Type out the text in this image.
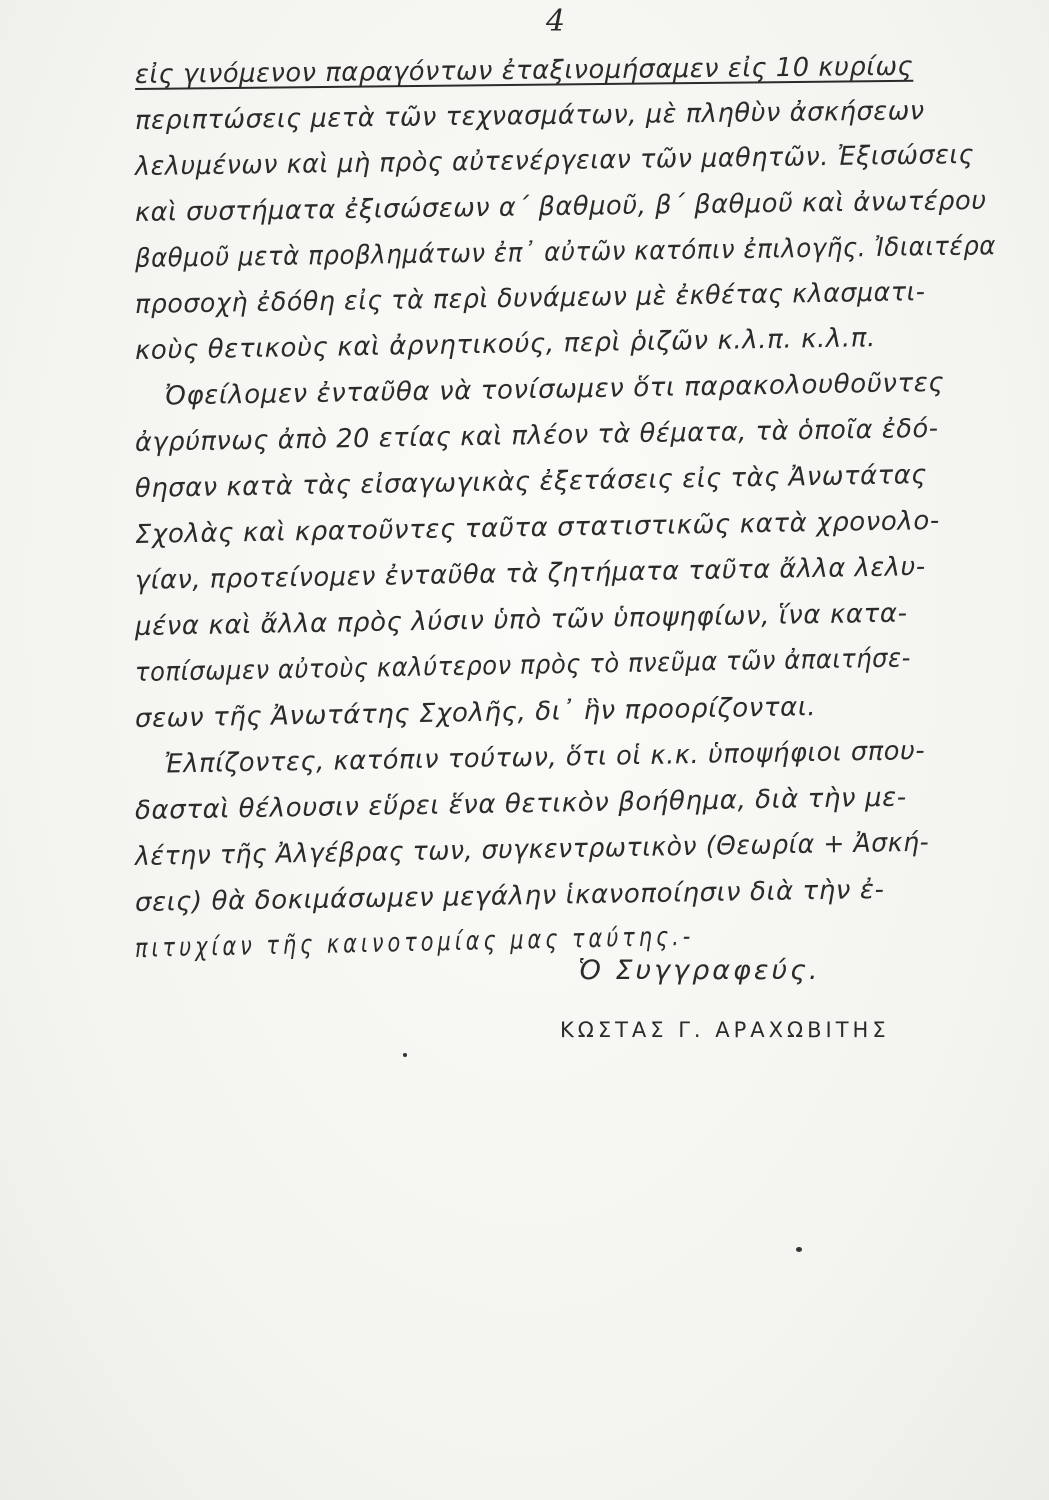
4
εἰς γινόμενον παραγόντων ἐταξινομήσαμεν εἰς 10 κυρίως
περιπτώσεις μετὰ τῶν τεχνασμάτων, μὲ πληθὺν ἀσκήσεων
λελυμένων καὶ μὴ πρὸς αὐτενέργειαν τῶν μαθητῶν. Ἐξισώσεις
καὶ συστήματα ἐξισώσεων α΄ βαθμοῦ, β΄ βαθμοῦ καὶ ἀνωτέρου
βαθμοῦ μετὰ προβλημάτων ἐπ᾿ αὐτῶν κατόπιν ἐπιλογῆς. Ἰδιαιτέρα
προσοχὴ ἐδόθη εἰς τὰ περὶ δυνάμεων μὲ ἐκθέτας κλασματι-
κοὺς θετικοὺς καὶ ἀρνητικούς, περὶ ῥιζῶν κ.λ.π. κ.λ.π.
Ὀφείλομεν ἐνταῦθα νὰ τονίσωμεν ὅτι παρακολουθοῦντες
ἀγρύπνως ἀπὸ 20 ετίας καὶ πλέον τὰ θέματα, τὰ ὁποῖα ἐδό-
θησαν κατὰ τὰς εἰσαγωγικὰς ἐξετάσεις εἰς τὰς Ἀνωτάτας
Σχολὰς καὶ κρατοῦντες ταῦτα στατιστικῶς κατὰ χρονολο-
γίαν, προτείνομεν ἐνταῦθα τὰ ζητήματα ταῦτα ἄλλα λελυ-
μένα καὶ ἄλλα πρὸς λύσιν ὑπὸ τῶν ὑποψηφίων, ἵνα κατα-
τοπίσωμεν αὐτοὺς καλύτερον πρὸς τὸ πνεῦμα τῶν ἀπαιτήσε-
σεων τῆς Ἀνωτάτης Σχολῆς, δι᾿ ἣν προορίζονται.
Ἐλπίζοντες, κατόπιν τούτων, ὅτι οἱ κ.κ. ὑποψήφιοι σπου-
δασταὶ θέλουσιν εὕρει ἕνα θετικὸν βοήθημα, διὰ τὴν με-
λέτην τῆς Ἀλγέβρας των, συγκεντρωτικὸν (Θεωρία + Ἀσκή-
σεις) θὰ δοκιμάσωμεν μεγάλην ἱκανοποίησιν διὰ τὴν ἐ-
πιτυχίαν τῆς καινοτομίας μας ταύτης.-
Ὁ Συγγραφεύς.
ΚΩΣΤΑΣ Γ. ΑΡΑΧΩΒΙΤΗΣ
